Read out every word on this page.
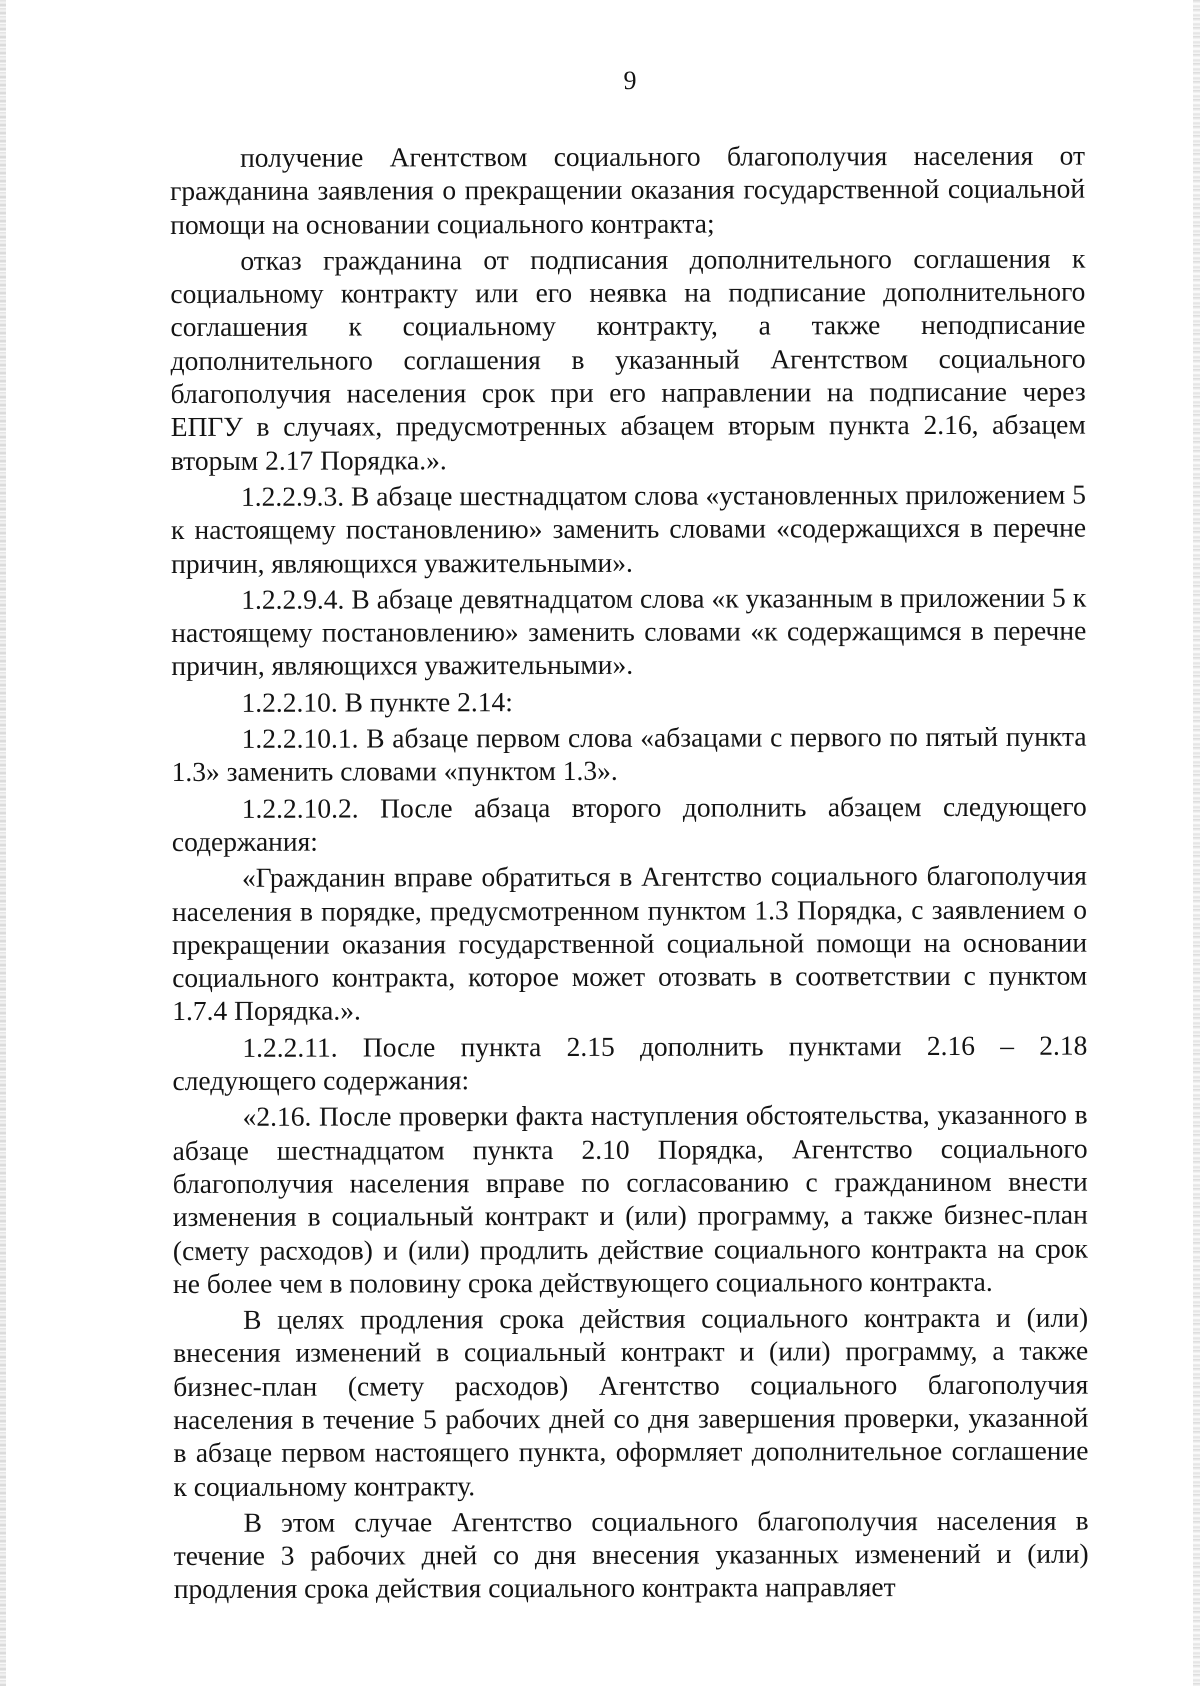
9

получение Агентством социального благополучия населения от гражданина заявления о прекращении оказания государственной социальной помощи на основании социального контракта;

отказ гражданина от подписания дополнительного соглашения к социальному контракту или его неявка на подписание дополнительного соглашения к социальному контракту, а также неподписание дополнительного соглашения в указанный Агентством социального благополучия населения срок при его направлении на подписание через ЕПГУ в случаях, предусмотренных абзацем вторым пункта 2.16, абзацем вторым 2.17 Порядка.».

1.2.2.9.3. В абзаце шестнадцатом слова «установленных приложением 5 к настоящему постановлению» заменить словами «содержащихся в перечне причин, являющихся уважительными».

1.2.2.9.4. В абзаце девятнадцатом слова «к указанным в приложении 5 к настоящему постановлению» заменить словами «к содержащимся в перечне причин, являющихся уважительными».

1.2.2.10. В пункте 2.14:

1.2.2.10.1. В абзаце первом слова «абзацами с первого по пятый пункта 1.3» заменить словами «пунктом 1.3».

1.2.2.10.2. После абзаца второго дополнить абзацем следующего содержания:

«Гражданин вправе обратиться в Агентство социального благополучия населения в порядке, предусмотренном пунктом 1.3 Порядка, с заявлением о прекращении оказания государственной социальной помощи на основании социального контракта, которое может отозвать в соответствии с пунктом 1.7.4 Порядка.».

1.2.2.11. После пункта 2.15 дополнить пунктами 2.16 – 2.18 следующего содержания:

«2.16. После проверки факта наступления обстоятельства, указанного в абзаце шестнадцатом пункта 2.10 Порядка, Агентство социального благополучия населения вправе по согласованию с гражданином внести изменения в социальный контракт и (или) программу, а также бизнес-план (смету расходов) и (или) продлить действие социального контракта на срок не более чем в половину срока действующего социального контракта.

В целях продления срока действия социального контракта и (или) внесения изменений в социальный контракт и (или) программу, а также бизнес-план (смету расходов) Агентство социального благополучия населения в течение 5 рабочих дней со дня завершения проверки, указанной в абзаце первом настоящего пункта, оформляет дополнительное соглашение к социальному контракту.

В этом случае Агентство социального благополучия населения в течение 3 рабочих дней со дня внесения указанных изменений и (или) продления срока действия социального контракта направляет
